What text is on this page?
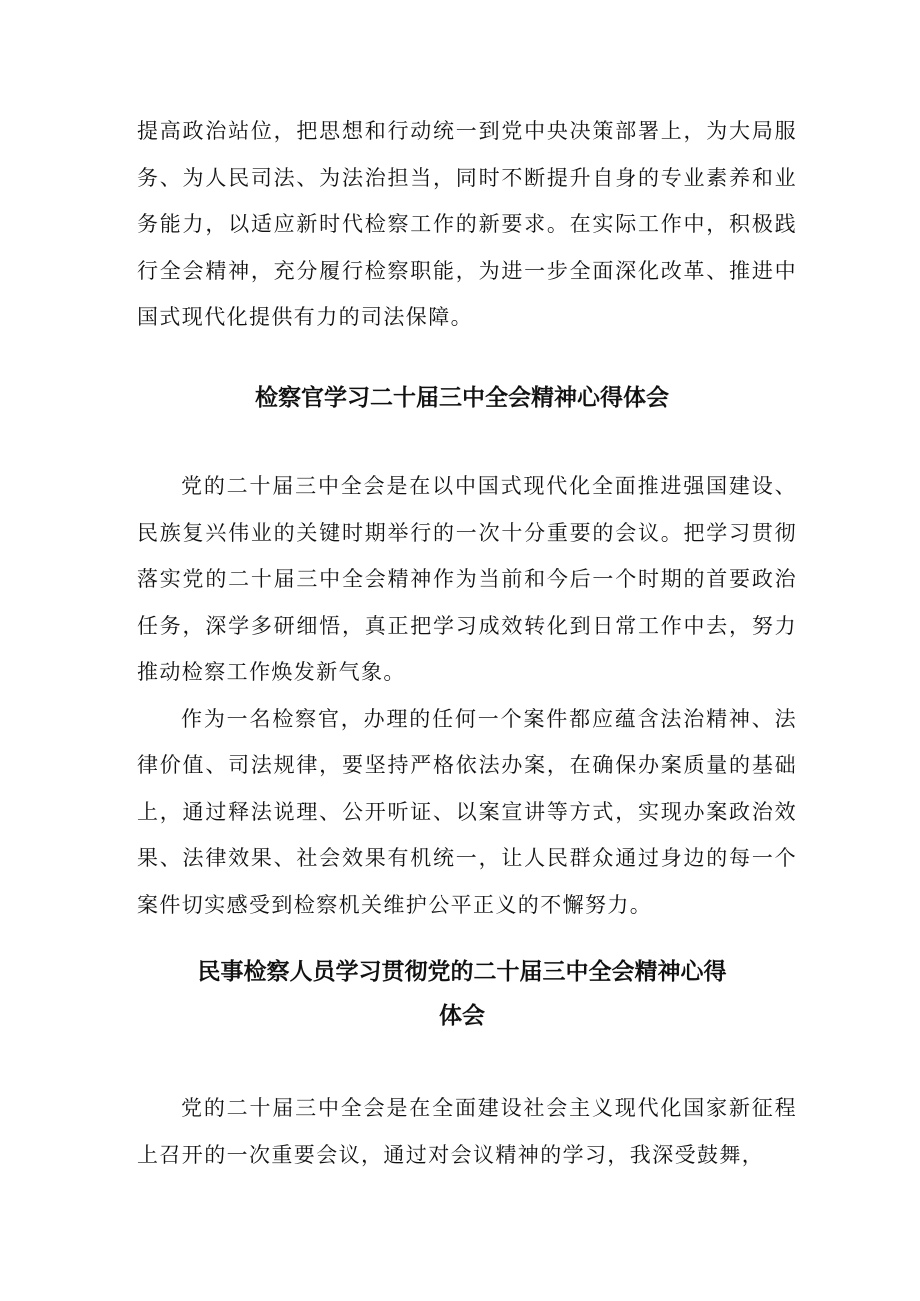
提高政治站位，把思想和行动统一到党中央决策部署上，为大局服务、为人民司法、为法治担当，同时不断提升自身的专业素养和业务能力，以适应新时代检察工作的新要求。在实际工作中，积极践行全会精神，充分履行检察职能，为进一步全面深化改革、推进中国式现代化提供有力的司法保障。

检察官学习二十届三中全会精神心得体会

党的二十届三中全会是在以中国式现代化全面推进强国建设、民族复兴伟业的关键时期举行的一次十分重要的会议。把学习贯彻落实党的二十届三中全会精神作为当前和今后一个时期的首要政治任务，深学多研细悟，真正把学习成效转化到日常工作中去，努力推动检察工作焕发新气象。

作为一名检察官，办理的任何一个案件都应蕴含法治精神、法律价值、司法规律，要坚持严格依法办案，在确保办案质量的基础上，通过释法说理、公开听证、以案宣讲等方式，实现办案政治效果、法律效果、社会效果有机统一，让人民群众通过身边的每一个案件切实感受到检察机关维护公平正义的不懈努力。

民事检察人员学习贯彻党的二十届三中全会精神心得
体会

党的二十届三中全会是在全面建设社会主义现代化国家新征程上召开的一次重要会议，通过对会议精神的学习，我深受鼓舞，
